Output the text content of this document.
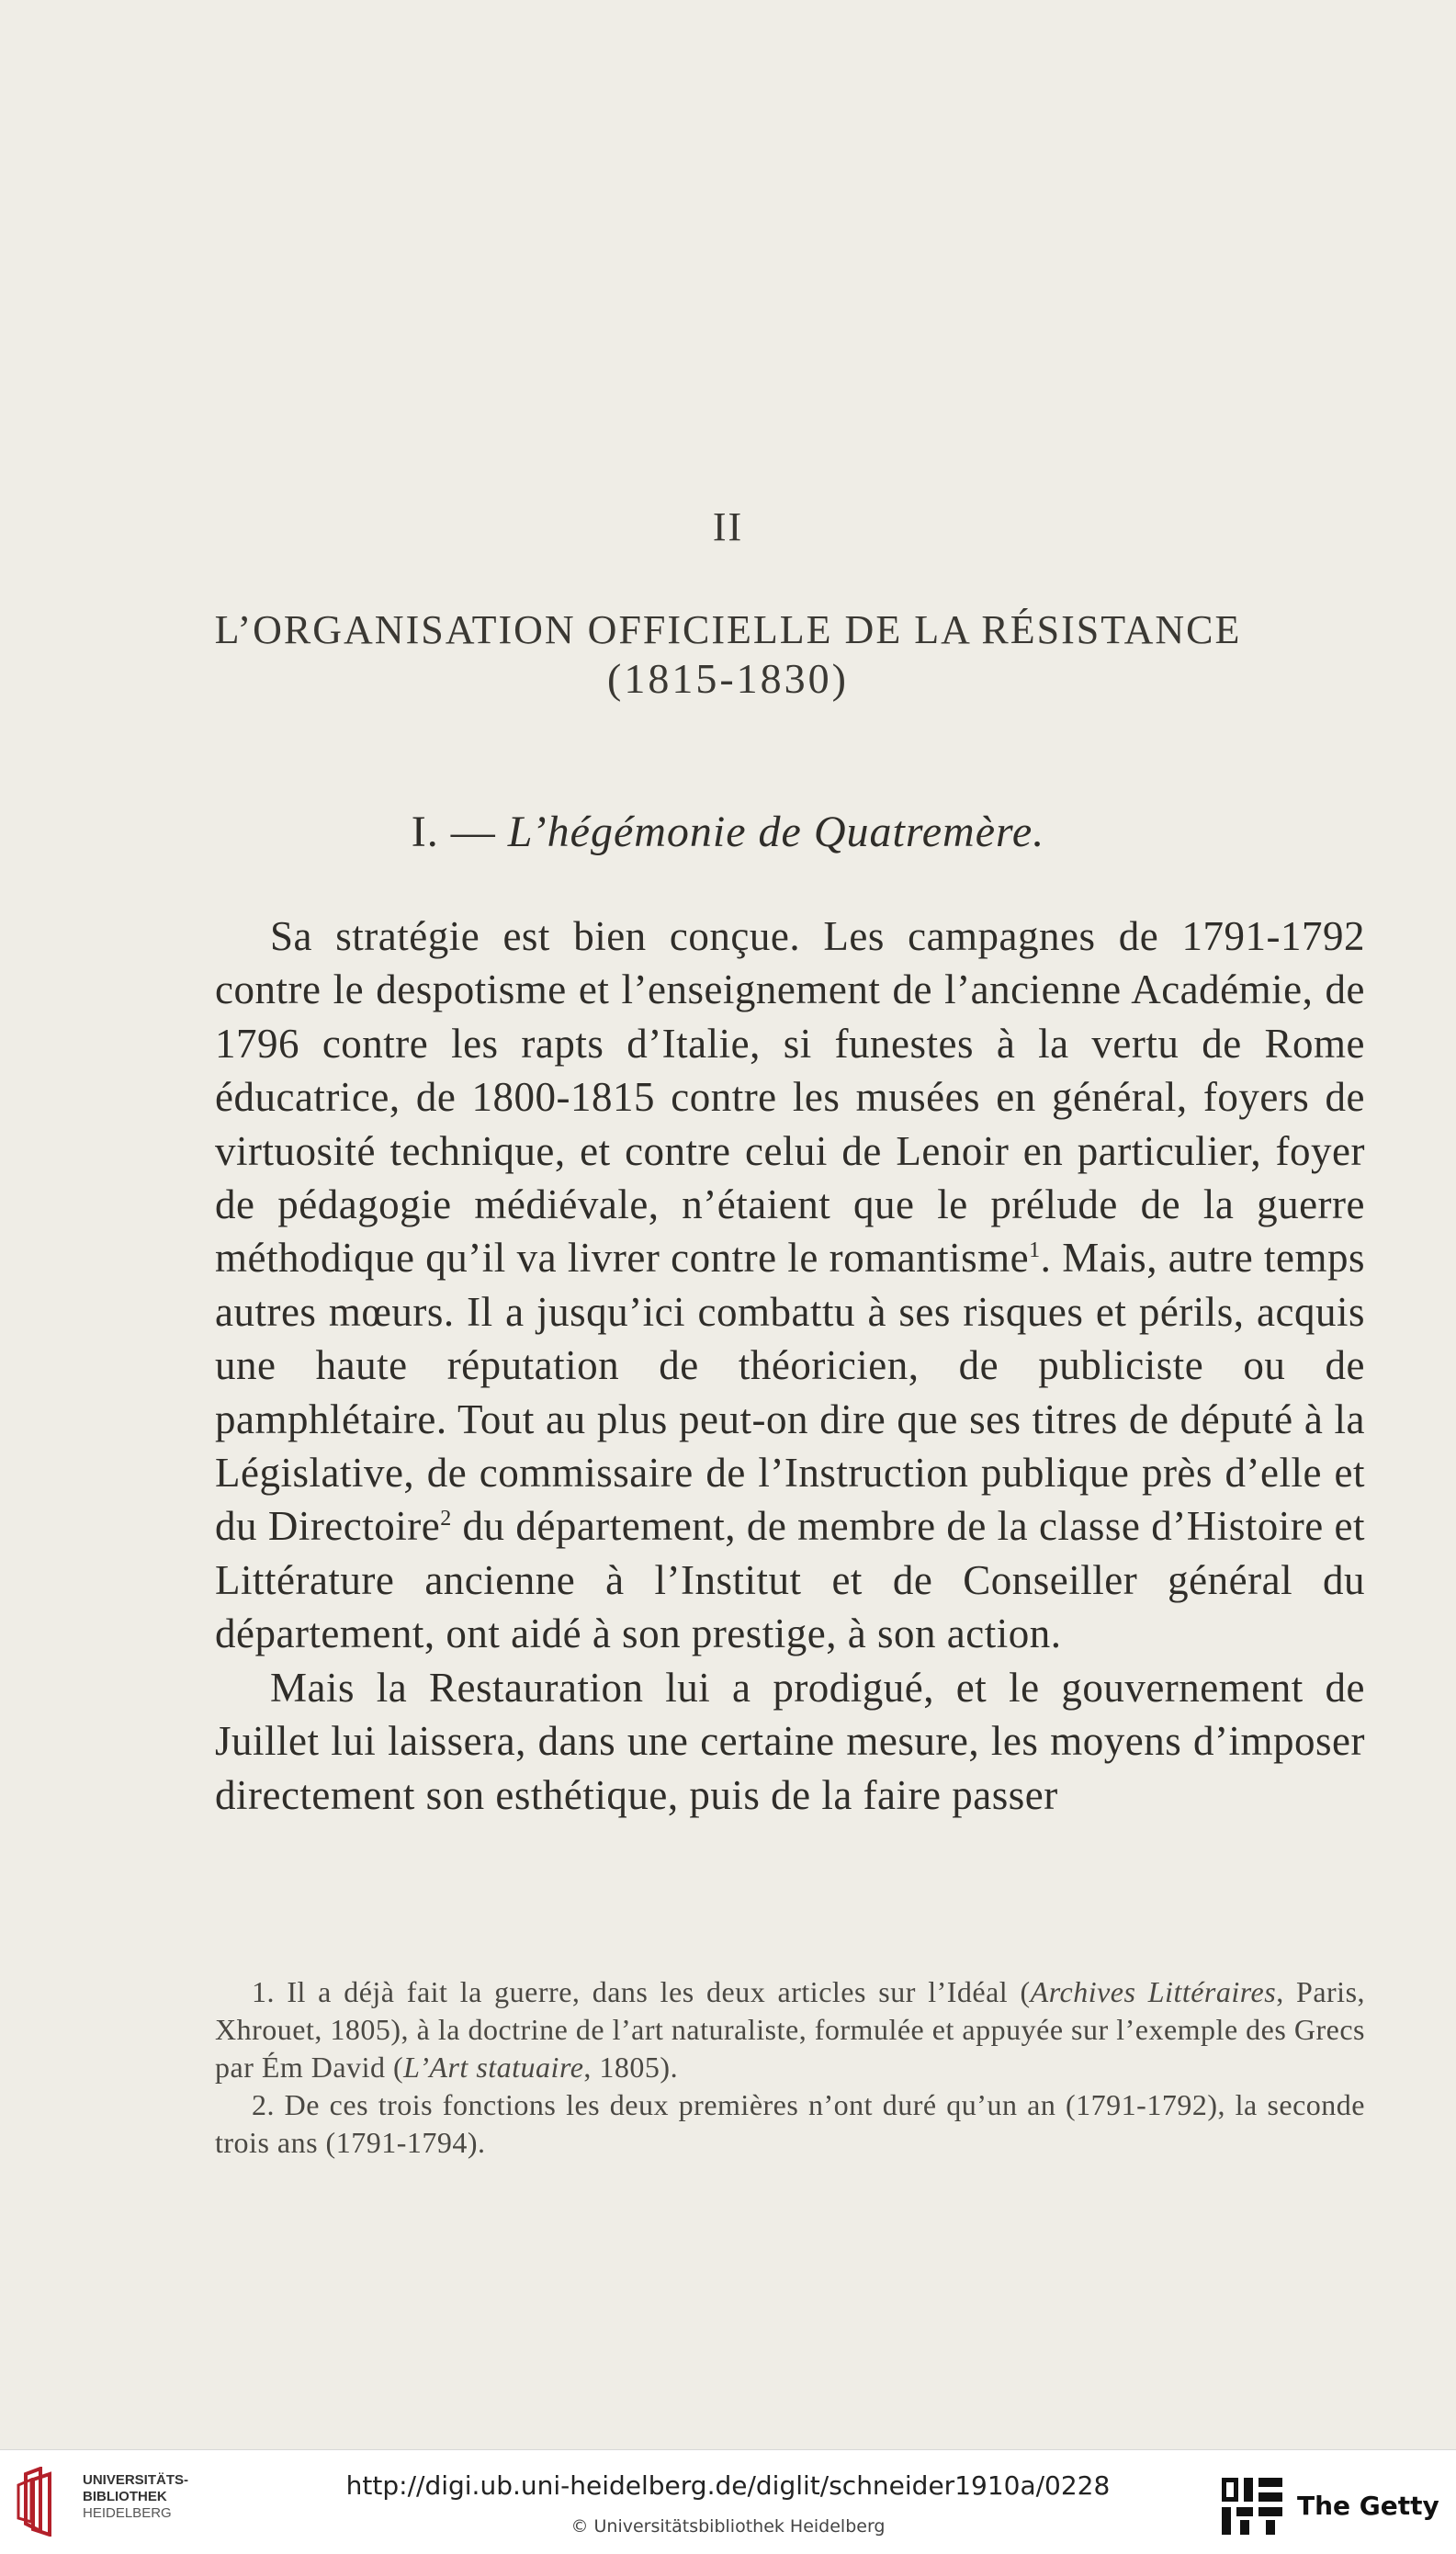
II
L’ORGANISATION OFFICIELLE DE LA RÉSISTANCE
(1815-1830)
I. — L’hégémonie de Quatremère.

Sa stratégie est bien conçue. Les campagnes de 1791-1792 contre le despotisme et l’enseignement de l’ancienne Académie, de 1796 contre les rapts d’Italie, si funestes à la vertu de Rome éducatrice, de 1800-1815 contre les musées en général, foyers de virtuosité technique, et contre celui de Lenoir en particulier, foyer de pédagogie médiévale, n’étaient que le prélude de la guerre méthodique qu’il va livrer contre le romantisme$^1$. Mais, autre temps autres mœurs. Il a jusqu’ici combattu à ses risques et périls, acquis une haute réputation de théoricien, de publiciste ou de pamphlétaire. Tout au plus peut-on dire que ses titres de député à la Législative, de commissaire de l’Instruction publique près d’elle et du Directoire$^2$ du département, de membre de la classe d’Histoire et Littérature ancienne à l’Institut et de Conseiller général du département, ont aidé à son prestige, à son action.

Mais la Restauration lui a prodigué, et le gouvernement de Juillet lui laissera, dans une certaine mesure, les moyens d’imposer directement son esthétique, puis de la faire passer

1. Il a déjà fait la guerre, dans les deux articles sur l’Idéal (Archives Littéraires, Paris, Xhrouet, 1805), à la doctrine de l’art naturaliste, formulée et appuyée sur l’exemple des Grecs par Ém David (L’Art statuaire, 1805).

2. De ces trois fonctions les deux premières n’ont duré qu’un an (1791-1792), la seconde trois ans (1791-1794).

UNIVERSITÄTS-
BIBLIOTHEK
HEIDELBERG
http://digi.ub.uni-heidelberg.de/diglit/schneider1910a/0228
© Universitätsbibliothek Heidelberg
The Getty
